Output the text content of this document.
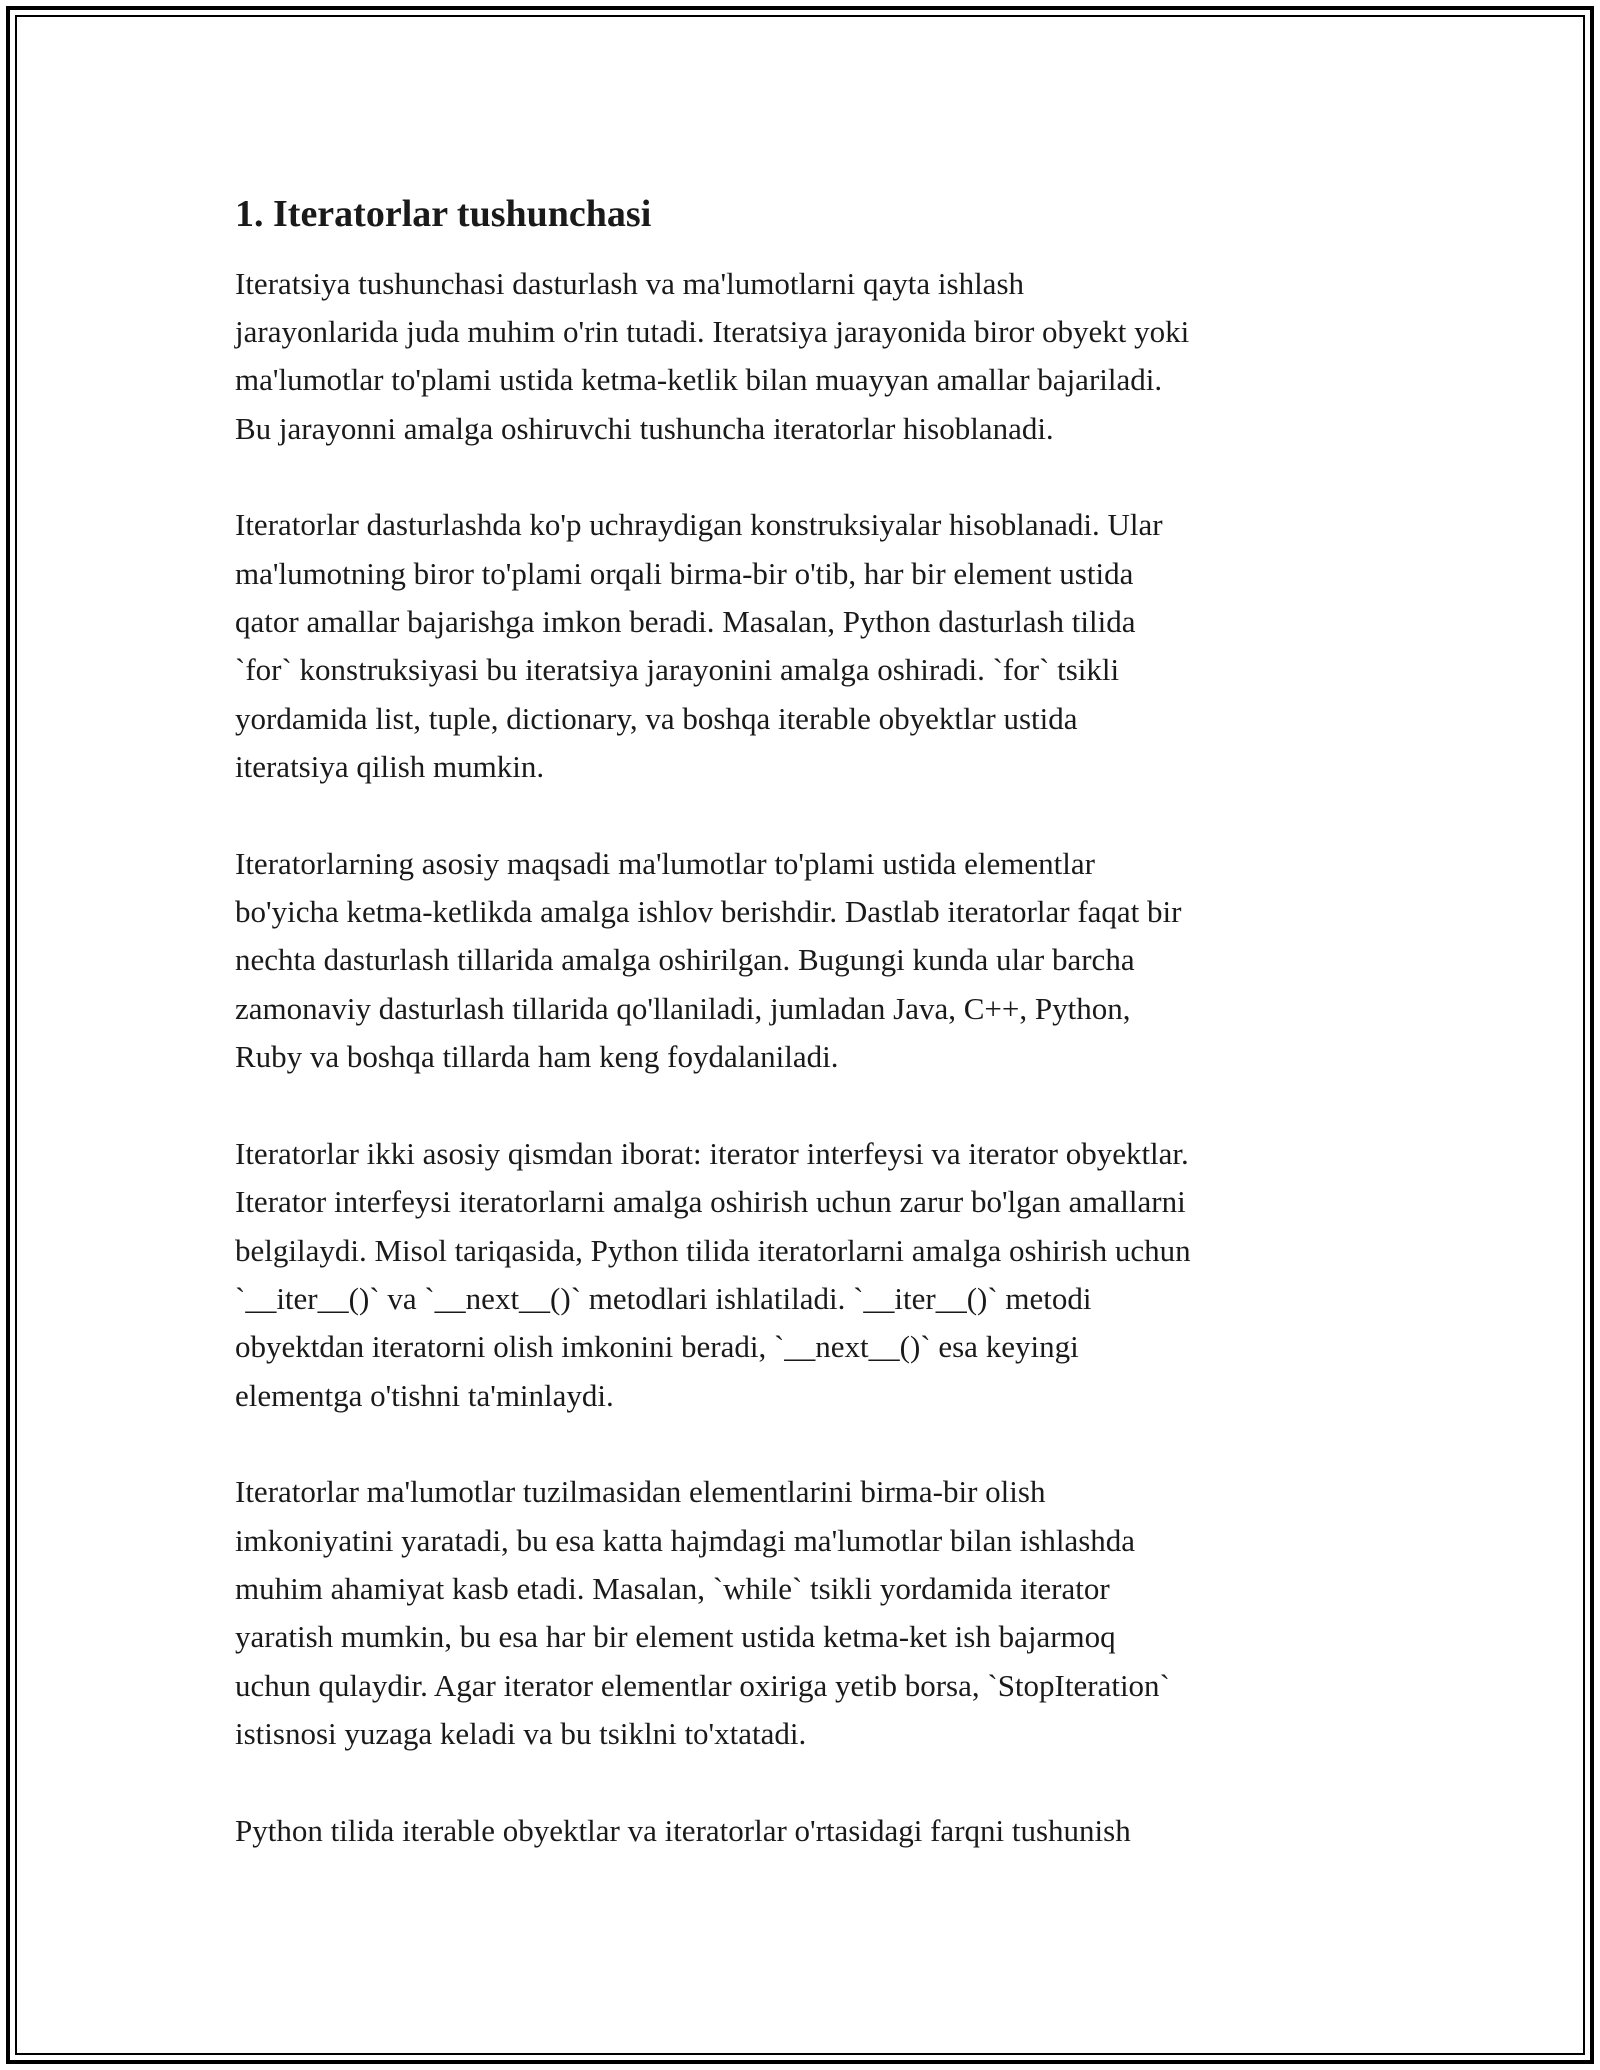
1. Iteratorlar tushunchasi
Iteratsiya tushunchasi dasturlash va ma'lumotlarni qayta ishlash
jarayonlarida juda muhim o'rin tutadi. Iteratsiya jarayonida biror obyekt yoki
ma'lumotlar to'plami ustida ketma-ketlik bilan muayyan amallar bajariladi.
Bu jarayonni amalga oshiruvchi tushuncha iteratorlar hisoblanadi.
Iteratorlar dasturlashda ko'p uchraydigan konstruksiyalar hisoblanadi. Ular
ma'lumotning biror to'plami orqali birma-bir o'tib, har bir element ustida
qator amallar bajarishga imkon beradi. Masalan, Python dasturlash tilida
`for` konstruksiyasi bu iteratsiya jarayonini amalga oshiradi. `for` tsikli
yordamida list, tuple, dictionary, va boshqa iterable obyektlar ustida
iteratsiya qilish mumkin.
Iteratorlarning asosiy maqsadi ma'lumotlar to'plami ustida elementlar
bo'yicha ketma-ketlikda amalga ishlov berishdir. Dastlab iteratorlar faqat bir
nechta dasturlash tillarida amalga oshirilgan. Bugungi kunda ular barcha
zamonaviy dasturlash tillarida qo'llaniladi, jumladan Java, C++, Python,
Ruby va boshqa tillarda ham keng foydalaniladi.
Iteratorlar ikki asosiy qismdan iborat: iterator interfeysi va iterator obyektlar.
Iterator interfeysi iteratorlarni amalga oshirish uchun zarur bo'lgan amallarni
belgilaydi. Misol tariqasida, Python tilida iteratorlarni amalga oshirish uchun
`__iter__()` va `__next__()` metodlari ishlatiladi. `__iter__()` metodi
obyektdan iteratorni olish imkonini beradi, `__next__()` esa keyingi
elementga o'tishni ta'minlaydi.
Iteratorlar ma'lumotlar tuzilmasidan elementlarini birma-bir olish
imkoniyatini yaratadi, bu esa katta hajmdagi ma'lumotlar bilan ishlashda
muhim ahamiyat kasb etadi. Masalan, `while` tsikli yordamida iterator
yaratish mumkin, bu esa har bir element ustida ketma-ket ish bajarmoq
uchun qulaydir. Agar iterator elementlar oxiriga yetib borsa, `StopIteration`
istisnosi yuzaga keladi va bu tsiklni to'xtatadi.
Python tilida iterable obyektlar va iteratorlar o'rtasidagi farqni tushunish
